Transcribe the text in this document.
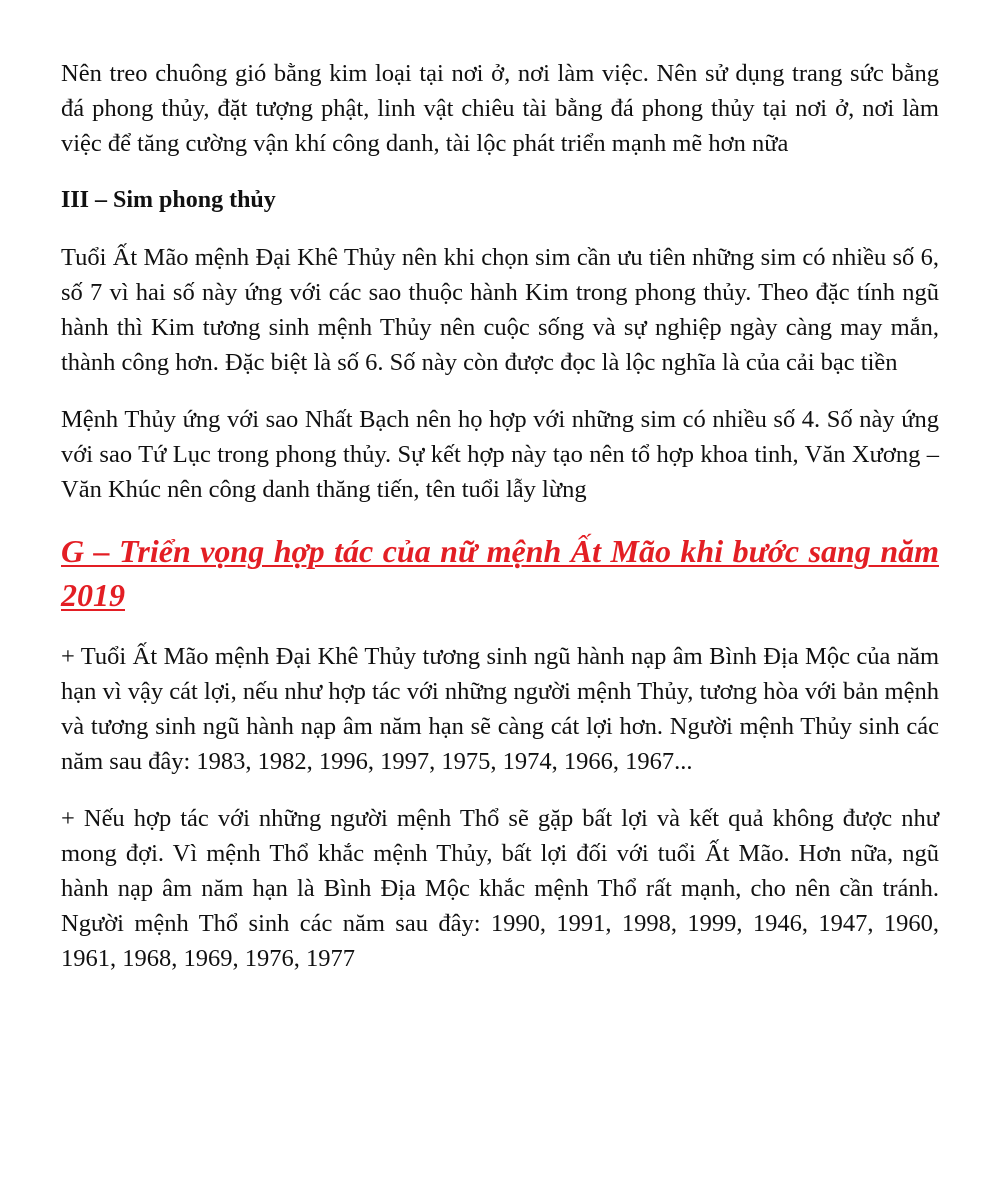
Nên treo chuông gió bằng kim loại tại nơi ở, nơi làm việc. Nên sử dụng trang sức bằng đá phong thủy, đặt tượng phật, linh vật chiêu tài bằng đá phong thủy tại nơi ở, nơi làm việc để tăng cường vận khí công danh, tài lộc phát triển mạnh mẽ hơn nữa

III – Sim phong thủy

Tuổi Ất Mão mệnh Đại Khê Thủy nên khi chọn sim cần ưu tiên những sim có nhiều số 6, số 7 vì hai số này ứng với các sao thuộc hành Kim trong phong thủy. Theo đặc tính ngũ hành thì Kim tương sinh mệnh Thủy nên cuộc sống và sự nghiệp ngày càng may mắn, thành công hơn. Đặc biệt là số 6. Số này còn được đọc là lộc nghĩa là của cải bạc tiền

Mệnh Thủy ứng với sao Nhất Bạch nên họ hợp với những sim có nhiều số 4. Số này ứng với sao Tứ Lục trong phong thủy. Sự kết hợp này tạo nên tổ hợp khoa tinh, Văn Xương – Văn Khúc nên công danh thăng tiến, tên tuổi lẫy lừng

G – Triển vọng hợp tác của nữ mệnh Ất Mão khi bước sang năm 2019

+ Tuổi Ất Mão mệnh Đại Khê Thủy tương sinh ngũ hành nạp âm Bình Địa Mộc của năm hạn vì vậy cát lợi, nếu như hợp tác với những người mệnh Thủy, tương hòa với bản mệnh và tương sinh ngũ hành nạp âm năm hạn sẽ càng cát lợi hơn. Người mệnh Thủy sinh các năm sau đây: 1983, 1982, 1996, 1997, 1975, 1974, 1966, 1967...

+ Nếu hợp tác với những người mệnh Thổ sẽ gặp bất lợi và kết quả không được như mong đợi. Vì mệnh Thổ khắc mệnh Thủy, bất lợi đối với tuổi Ất Mão. Hơn nữa, ngũ hành nạp âm năm hạn là Bình Địa Mộc khắc mệnh Thổ rất mạnh, cho nên cần tránh. Người mệnh Thổ sinh các năm sau đây: 1990, 1991, 1998, 1999, 1946, 1947, 1960, 1961, 1968, 1969, 1976, 1977
